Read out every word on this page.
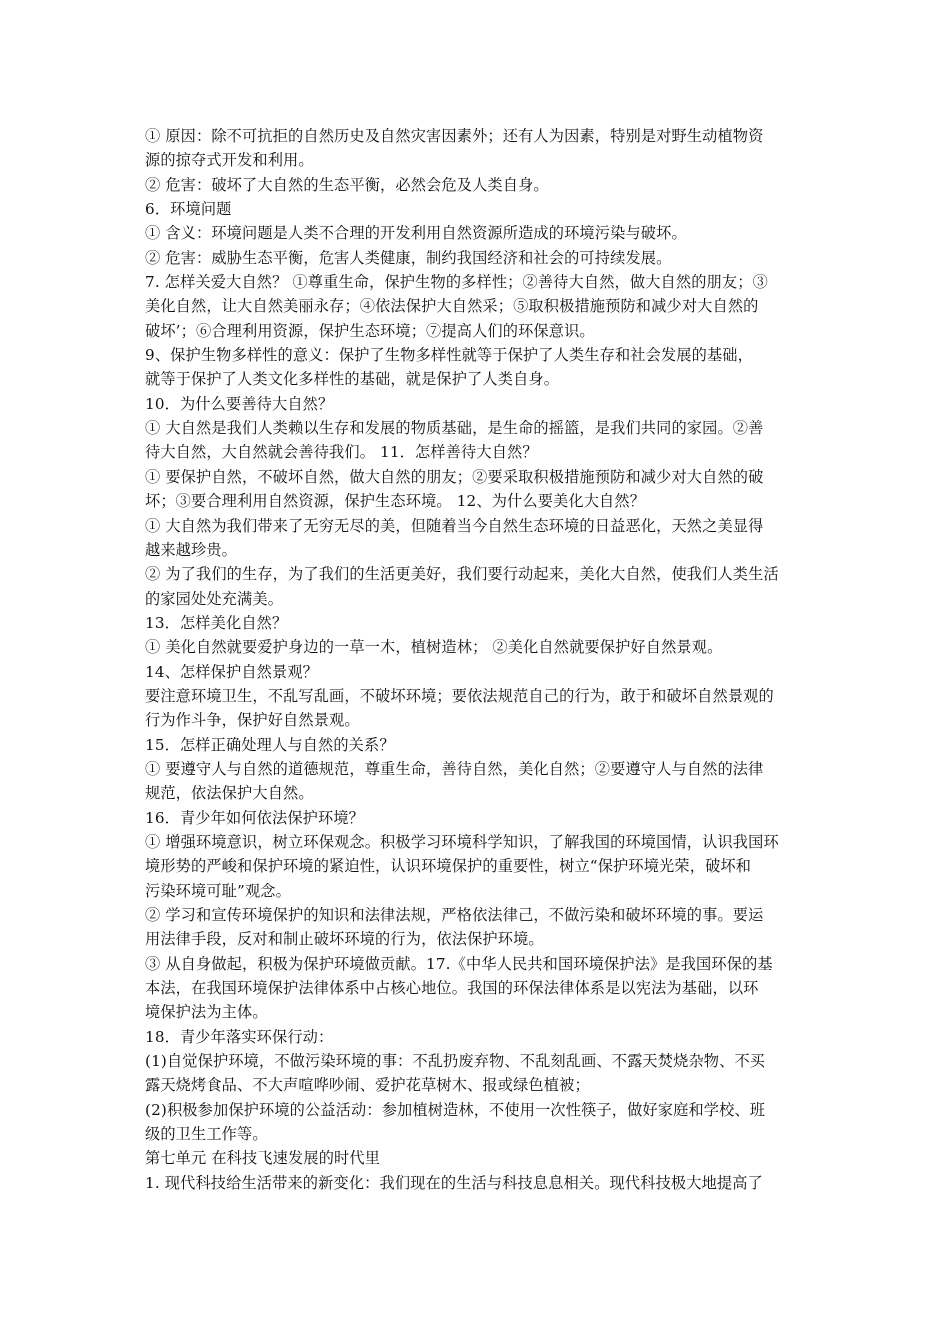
① 原因：除不可抗拒的自然历史及自然灾害因素外；还有人为因素，特别是对野生动植物资
源的掠夺式开发和利用。
② 危害：破坏了大自然的生态平衡，必然会危及人类自身。
6．环境问题
① 含义：环境问题是人类不合理的开发利用自然资源所造成的环境污染与破坏。
② 危害：威胁生态平衡，危害人类健康，制约我国经济和社会的可持续发展。
7. 怎样关爱大自然？ ①尊重生命，保护生物的多样性；②善待大自然，做大自然的朋友；③
美化自然，让大自然美丽永存；④依法保护大自然采；⑤取积极措施预防和减少对大自然的
破坏’；⑥合理利用资源，保护生态环境；⑦提高人们的环保意识。
9、保护生物多样性的意义：保护了生物多样性就等于保护了人类生存和社会发展的基础，
就等于保护了人类文化多样性的基础，就是保护了人类自身。
10．为什么要善待大自然？
① 大自然是我们人类赖以生存和发展的物质基础，是生命的摇篮，是我们共同的家园。②善
待大自然，大自然就会善待我们。 11．怎样善待大自然？
① 要保护自然，不破坏自然，做大自然的朋友；②要采取积极措施预防和减少对大自然的破
坏；③要合理利用自然资源，保护生态环境。 12、为什么要美化大自然？
① 大自然为我们带来了无穷无尽的美，但随着当今自然生态环境的日益恶化，天然之美显得
越来越珍贵。
② 为了我们的生存，为了我们的生活更美好，我们要行动起来，美化大自然，使我们人类生活
的家园处处充满美。
13．怎样美化自然？
① 美化自然就要爱护身边的一草一木，植树造林； ②美化自然就要保护好自然景观。
14、怎样保护自然景观？
要注意环境卫生，不乱写乱画，不破坏环境；要依法规范自己的行为，敢于和破坏自然景观的
行为作斗争，保护好自然景观。
15．怎样正确处理人与自然的关系？
① 要遵守人与自然的道德规范，尊重生命，善待自然，美化自然；②要遵守人与自然的法律
规范，依法保护大自然。
16．青少年如何依法保护环境？
① 增强环境意识，树立环保观念。积极学习环境科学知识，了解我国的环境国情，认识我国环
境形势的严峻和保护环境的紧迫性，认识环境保护的重要性，树立“保护环境光荣，破坏和
污染环境可耻”观念。
② 学习和宣传环境保护的知识和法律法规，严格依法律己，不做污染和破坏环境的事。要运
用法律手段，反对和制止破坏环境的行为，依法保护环境。
③ 从自身做起，积极为保护环境做贡献。17.《中华人民共和国环境保护法》是我国环保的基
本法，在我国环境保护法律体系中占核心地位。我国的环保法律体系是以宪法为基础，以环
境保护法为主体。
18．青少年落实环保行动：
(1)自觉保护环境，不做污染环境的事：不乱扔废弃物、不乱刻乱画、不露天焚烧杂物、不买
露天烧烤食品、不大声喧哗吵闹、爱护花草树木、报或绿色植被；
(2)积极参加保护环境的公益活动：参加植树造林，不使用一次性筷子，做好家庭和学校、班
级的卫生工作等。
第七单元 在科技飞速发展的时代里
1. 现代科技给生活带来的新变化：我们现在的生活与科技息息相关。现代科技极大地提高了
